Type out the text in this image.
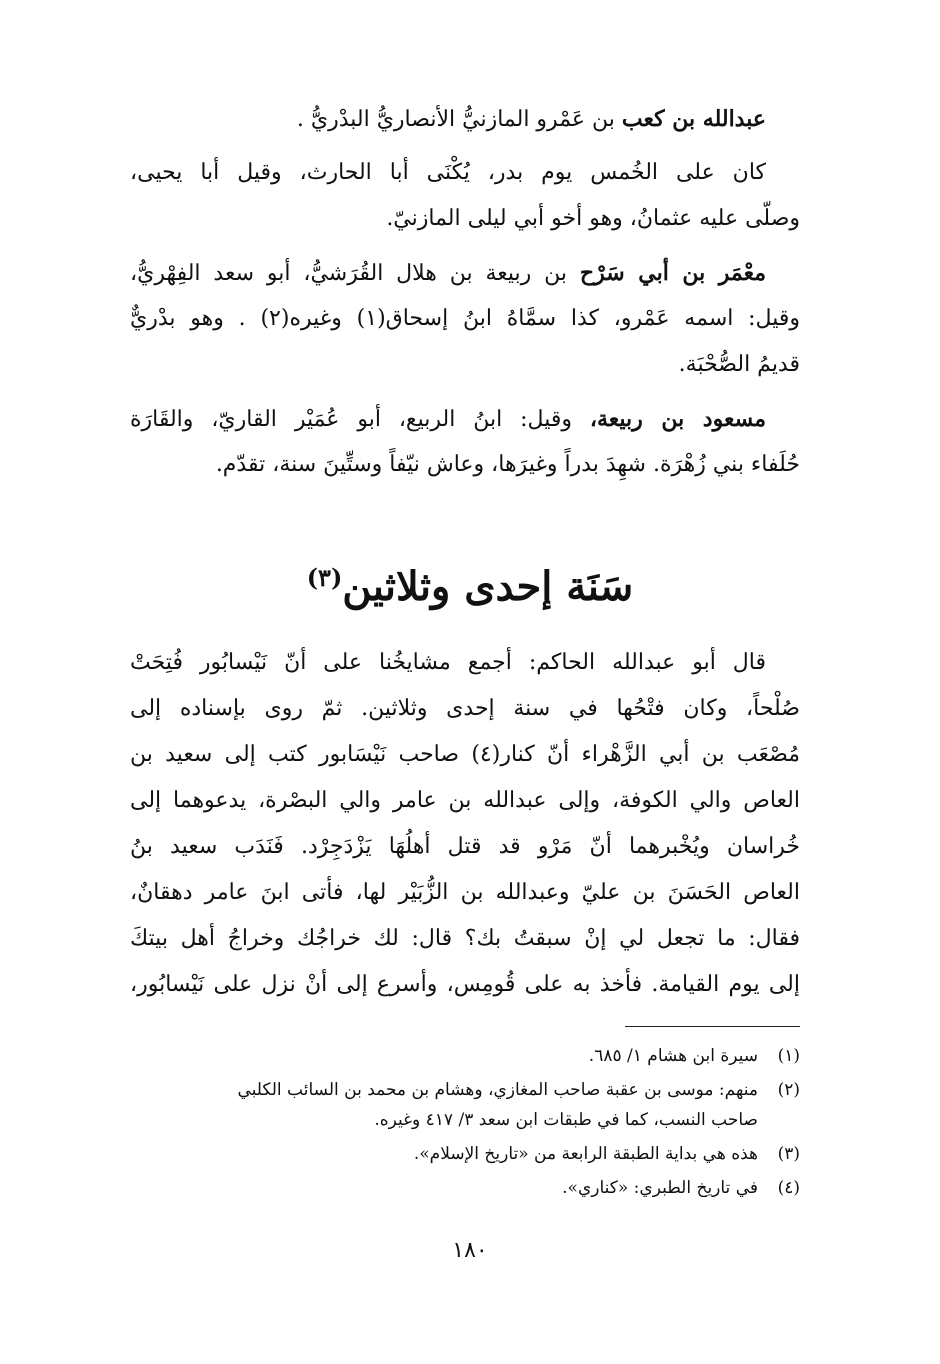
عبدالله بن كعب بن عَمْرو المازنيُّ الأنصاريُّ البدْريُّ .
كان على الخُمس يوم بدر، يُكْنَى أبا الحارث، وقيل أبا يحيى،
وصلّى عليه عثمانُ، وهو أخو أبي ليلى المازنيّ.
معْمَر بن أبي سَرْح بن ربيعة بن هلال القُرَشيُّ، أبو سعد الفِهْريُّ،
وقيل: اسمه عَمْرو، كذا سمَّاهُ ابنُ إسحاق(١) وغيره(٢) . وهو بدْريٌّ
قديمُ الصُّحْبَة.
مسعود بن ربيعة، وقيل: ابنُ الربيع، أبو عُمَيْر القاريّ، والقَارَة
حُلَفاء بني زُهْرَة. شهِدَ بدراً وغيرَها، وعاش نيّفاً وستِّينَ سنة، تقدّم.
سَنَة إحدى وثلاثين$^{(٣)}$
قال أبو عبدالله الحاكم: أجمع مشايخُنا على أنّ نَيْسابُور فُتِحَتْ
صُلْحاً، وكان فتْحُها في سنة إحدى وثلاثين. ثمّ روى بإسناده إلى
مُصْعَب بن أبي الزَّهْراء أنّ كنار(٤) صاحب نَيْسَابور كتب إلى سعيد بن
العاص والي الكوفة، وإلى عبدالله بن عامر والي البصْرة، يدعوهما إلى
خُراسان ويُخْبرهما أنّ مَرْو قد قتل أهلُهَا يَزْدَجِرْد. فَنَدَب سعيد بنُ
العاص الحَسَنَ بن عليّ وعبدالله بن الزُّبَيْر لها، فأتى ابنَ عامر دهقانٌ،
فقال: ما تجعل لي إنْ سبقتُ بك؟ قال: لك خراجُك وخراجُ أهل بيتكَ
إلى يوم القيامة. فأخذ به على قُومِس، وأسرع إلى أنْ نزل على نَيْسابُور،
(١)سيرة ابن هشام ١/ ٦٨٥.
(٢)منهم: موسى بن عقبة صاحب المغازي، وهشام بن محمد بن السائب الكلبي
صاحب النسب، كما في طبقات ابن سعد ٣/ ٤١٧ وغيره.
(٣)هذه هي بداية الطبقة الرابعة من «تاريخ الإسلام».
(٤)في تاريخ الطبري: «كناري».
١٨٠
